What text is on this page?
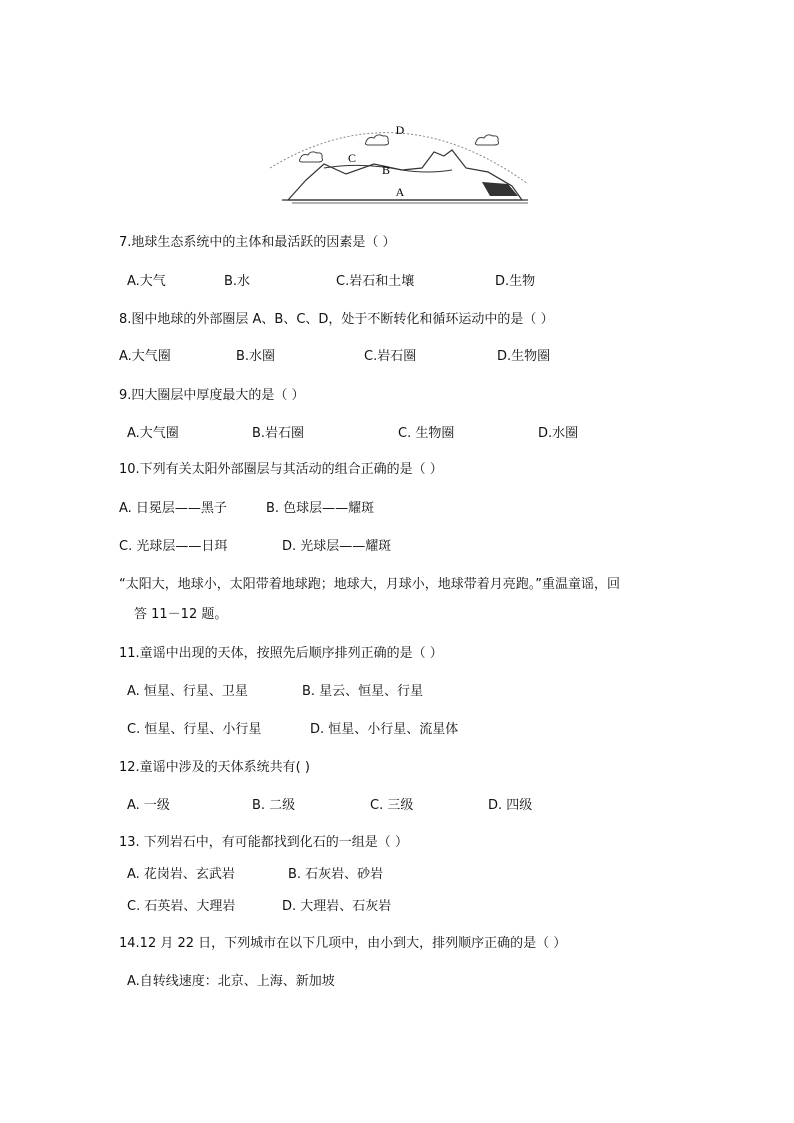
D
C
B
A
7.地球生态系统中的主体和最活跃的因素是（ ）
A.大气	B.水	C.岩石和土壤	D.生物
8.图中地球的外部圈层 A、B、C、D，处于不断转化和循环运动中的是（ ）
A.大气圈	B.水圈	C.岩石圈	D.生物圈
9.四大圈层中厚度最大的是（ ）
A.大气圈	B.岩石圈	C. 生物圈	D.水圈
10.下列有关太阳外部圈层与其活动的组合正确的是（ ）
A. 日冕层——黑子	B. 色球层——耀斑
C. 光球层——日珥	D. 光球层——耀斑
“太阳大，地球小，太阳带着地球跑；地球大，月球小，地球带着月亮跑。”重温童谣，回
答 11－12 题。
11.童谣中出现的天体，按照先后顺序排列正确的是（ ）
A. 恒星、行星、卫星	B. 星云、恒星、行星
C. 恒星、行星、小行星	D. 恒星、小行星、流星体
12.童谣中涉及的天体系统共有( )
A. 一级	B. 二级	C. 三级	D. 四级
13. 下列岩石中，有可能都找到化石的一组是（ ）
A. 花岗岩、玄武岩	B. 石灰岩、砂岩
C. 石英岩、大理岩	D. 大理岩、石灰岩
14.12 月 22 日，下列城市在以下几项中，由小到大，排列顺序正确的是（ ）
A.自转线速度：北京、上海、新加坡
